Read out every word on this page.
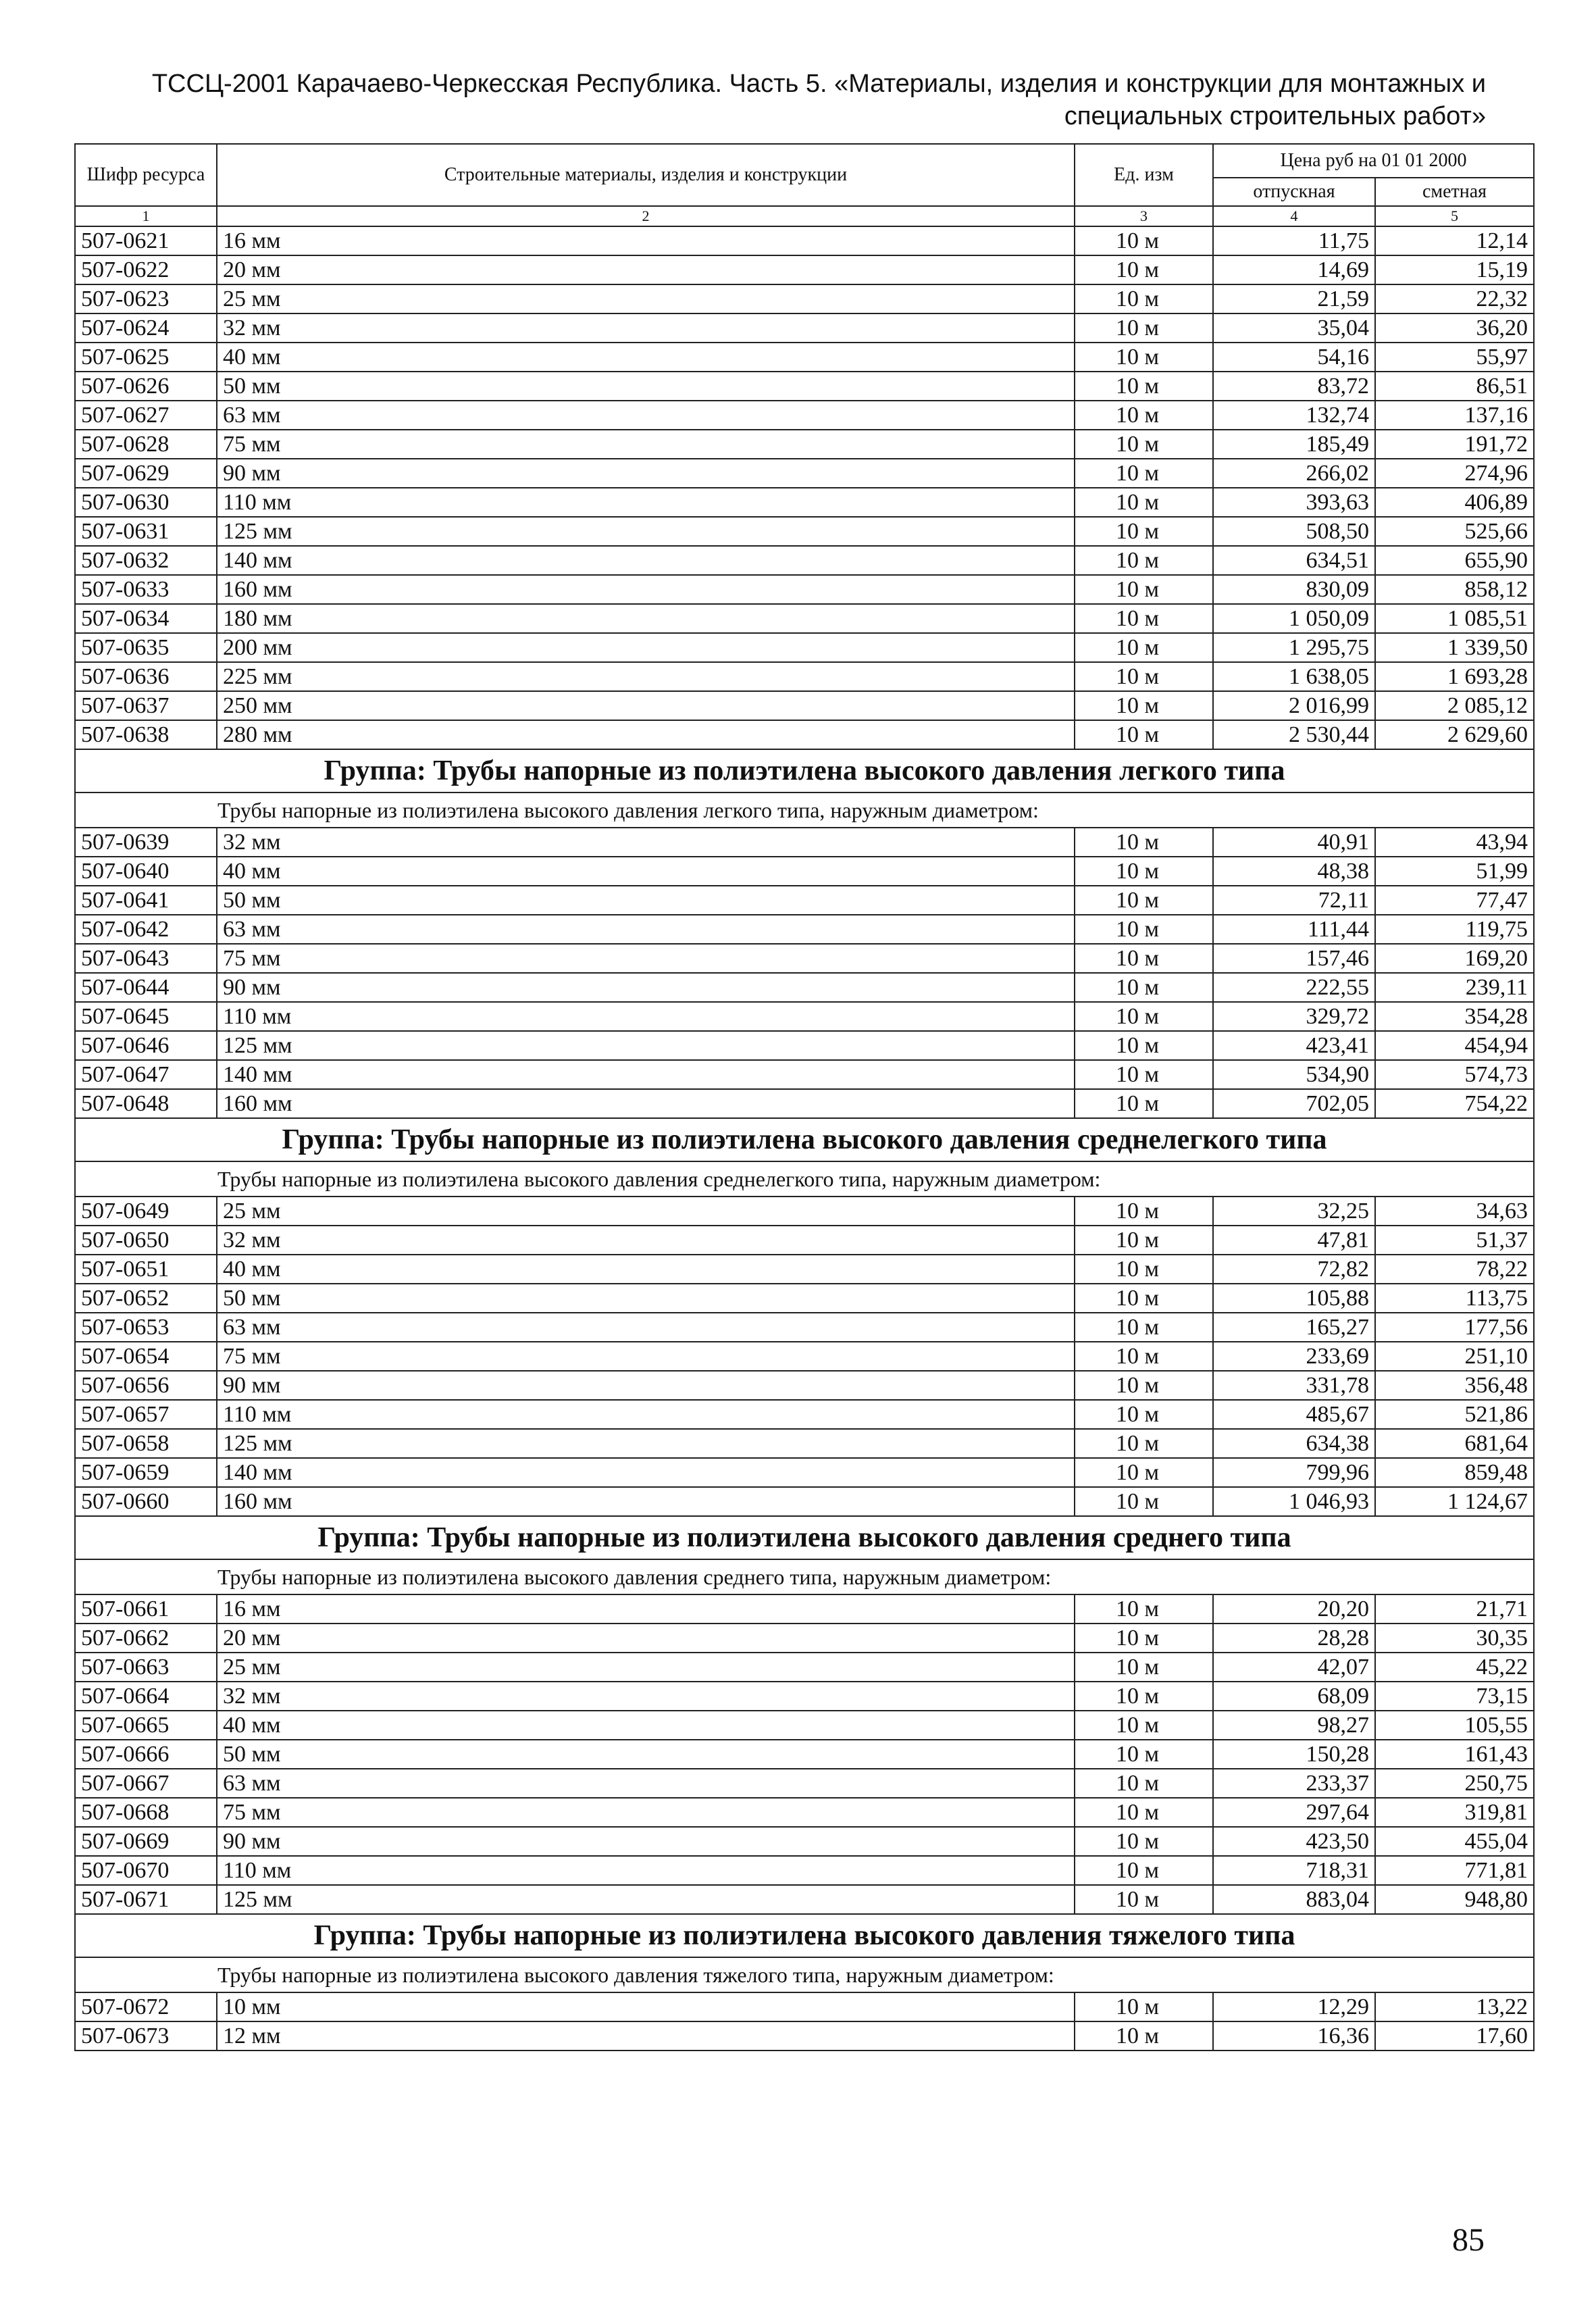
ТССЦ-2001 Карачаево-Черкесская Республика. Часть 5. «Материалы, изделия и конструкции для монтажных и
специальных строительных работ»
Шифр ресурса	Строительные материалы, изделия и конструкции	Ед. изм	Цена руб на 01 01 2000	
			отпускная	сметная
1	2	3	4	5
507-0621	16 мм	10 м	11,75	12,14
507-0622	20 мм	10 м	14,69	15,19
507-0623	25 мм	10 м	21,59	22,32
507-0624	32 мм	10 м	35,04	36,20
507-0625	40 мм	10 м	54,16	55,97
507-0626	50 мм	10 м	83,72	86,51
507-0627	63 мм	10 м	132,74	137,16
507-0628	75 мм	10 м	185,49	191,72
507-0629	90 мм	10 м	266,02	274,96
507-0630	110 мм	10 м	393,63	406,89
507-0631	125 мм	10 м	508,50	525,66
507-0632	140 мм	10 м	634,51	655,90
507-0633	160 мм	10 м	830,09	858,12
507-0634	180 мм	10 м	1 050,09	1 085,51
507-0635	200 мм	10 м	1 295,75	1 339,50
507-0636	225 мм	10 м	1 638,05	1 693,28
507-0637	250 мм	10 м	2 016,99	2 085,12
507-0638	280 мм	10 м	2 530,44	2 629,60
Группа: Трубы напорные из полиэтилена высокого давления легкого типа				
Трубы напорные из полиэтилена высокого давления легкого типа, наружным диаметром:				
507-0639	32 мм	10 м	40,91	43,94
507-0640	40 мм	10 м	48,38	51,99
507-0641	50 мм	10 м	72,11	77,47
507-0642	63 мм	10 м	111,44	119,75
507-0643	75 мм	10 м	157,46	169,20
507-0644	90 мм	10 м	222,55	239,11
507-0645	110 мм	10 м	329,72	354,28
507-0646	125 мм	10 м	423,41	454,94
507-0647	140 мм	10 м	534,90	574,73
507-0648	160 мм	10 м	702,05	754,22
Группа: Трубы напорные из полиэтилена высокого давления среднелегкого типа				
Трубы напорные из полиэтилена высокого давления среднелегкого типа, наружным диаметром:				
507-0649	25 мм	10 м	32,25	34,63
507-0650	32 мм	10 м	47,81	51,37
507-0651	40 мм	10 м	72,82	78,22
507-0652	50 мм	10 м	105,88	113,75
507-0653	63 мм	10 м	165,27	177,56
507-0654	75 мм	10 м	233,69	251,10
507-0656	90 мм	10 м	331,78	356,48
507-0657	110 мм	10 м	485,67	521,86
507-0658	125 мм	10 м	634,38	681,64
507-0659	140 мм	10 м	799,96	859,48
507-0660	160 мм	10 м	1 046,93	1 124,67
Группа: Трубы напорные из полиэтилена высокого давления среднего типа				
Трубы напорные из полиэтилена высокого давления среднего типа, наружным диаметром:				
507-0661	16 мм	10 м	20,20	21,71
507-0662	20 мм	10 м	28,28	30,35
507-0663	25 мм	10 м	42,07	45,22
507-0664	32 мм	10 м	68,09	73,15
507-0665	40 мм	10 м	98,27	105,55
507-0666	50 мм	10 м	150,28	161,43
507-0667	63 мм	10 м	233,37	250,75
507-0668	75 мм	10 м	297,64	319,81
507-0669	90 мм	10 м	423,50	455,04
507-0670	110 мм	10 м	718,31	771,81
507-0671	125 мм	10 м	883,04	948,80
Группа: Трубы напорные из полиэтилена высокого давления тяжелого типа				
Трубы напорные из полиэтилена высокого давления тяжелого типа, наружным диаметром:				
507-0672	10 мм	10 м	12,29	13,22
507-0673	12 мм	10 м	16,36	17,60
85
